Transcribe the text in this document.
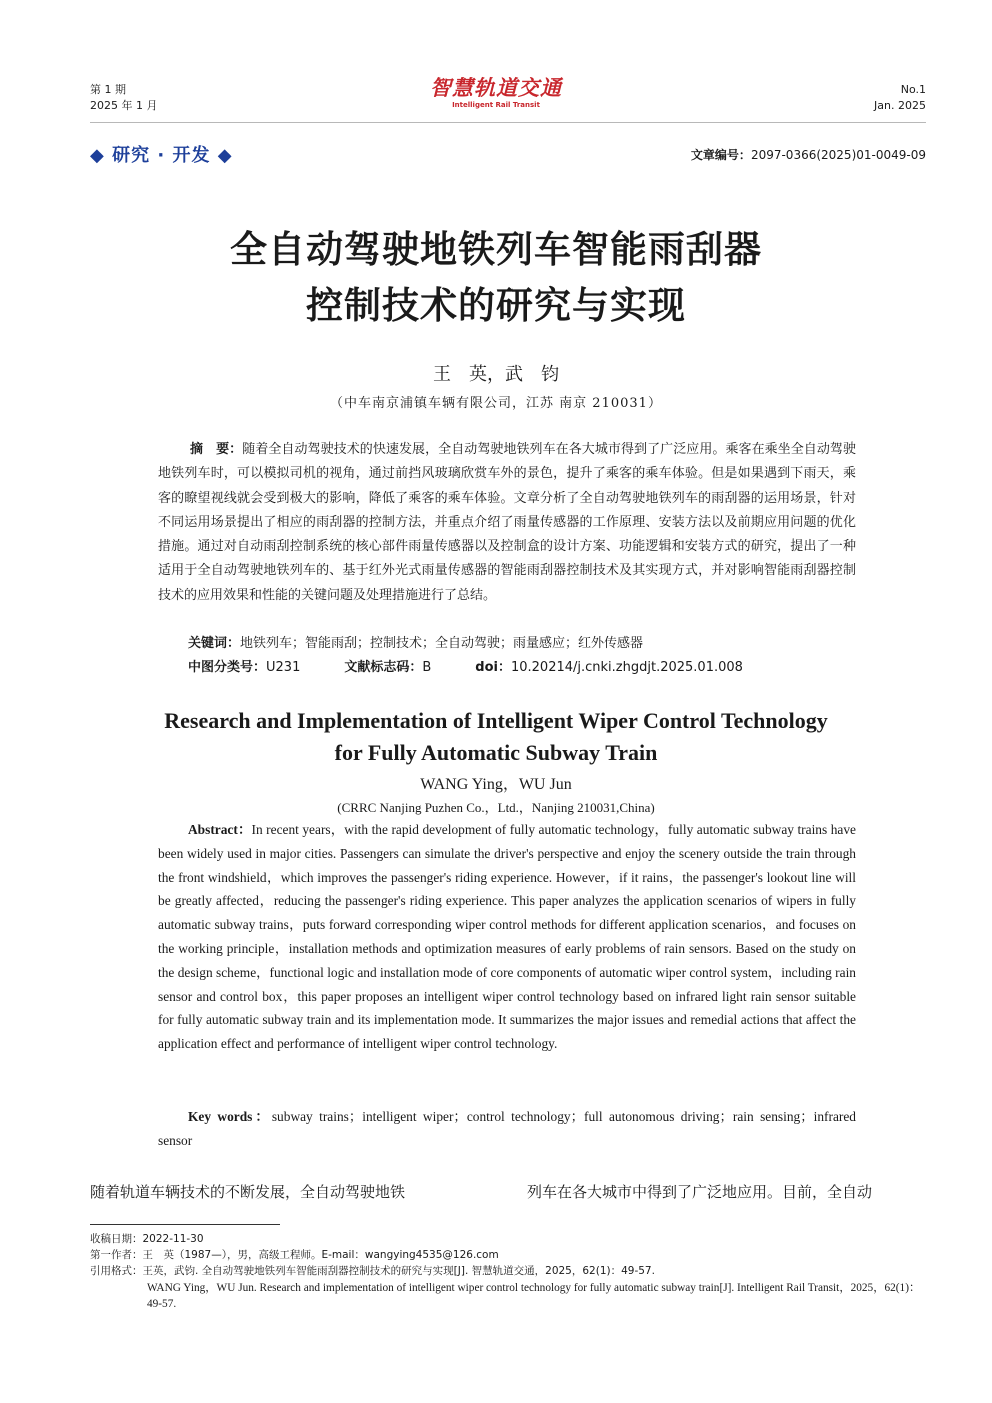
第 1 期
2025 年 1 月
智慧轨道交通
Intelligent Rail Transit
No.1
Jan. 2025
◆ 研究 · 开发 ◆	文章编号：2097-0366(2025)01-0049-09
全自动驾驶地铁列车智能雨刮器
控制技术的研究与实现
王　英，武　钧
（中车南京浦镇车辆有限公司，江苏 南京 210031）
摘　要：随着全自动驾驶技术的快速发展，全自动驾驶地铁列车在各大城市得到了广泛应用。乘客在乘坐全自动驾驶地铁列车时，可以模拟司机的视角，通过前挡风玻璃欣赏车外的景色，提升了乘客的乘车体验。但是如果遇到下雨天，乘客的瞭望视线就会受到极大的影响，降低了乘客的乘车体验。文章分析了全自动驾驶地铁列车的雨刮器的运用场景，针对不同运用场景提出了相应的雨刮器的控制方法，并重点介绍了雨量传感器的工作原理、安装方法以及前期应用问题的优化措施。通过对自动雨刮控制系统的核心部件雨量传感器以及控制盒的设计方案、功能逻辑和安装方式的研究，提出了一种适用于全自动驾驶地铁列车的、基于红外光式雨量传感器的智能雨刮器控制技术及其实现方式，并对影响智能雨刮器控制技术的应用效果和性能的关键问题及处理措施进行了总结。
关键词：地铁列车；智能雨刮；控制技术；全自动驾驶；雨量感应；红外传感器
中图分类号：U231	文献标志码：B	doi：10.20214/j.cnki.zhgdjt.2025.01.008
Research and Implementation of Intelligent Wiper Control Technology
for Fully Automatic Subway Train
WANG Ying，WU Jun
(CRRC Nanjing Puzhen Co.，Ltd.，Nanjing 210031,China)
Abstract：In recent years，with the rapid development of fully automatic technology，fully automatic subway trains have been widely used in major cities. Passengers can simulate the driver's perspective and enjoy the scenery outside the train through the front windshield，which improves the passenger's riding experience. However，if it rains，the passenger's lookout line will be greatly affected，reducing the passenger's riding experience. This paper analyzes the application scenarios of wipers in fully automatic subway trains，puts forward corresponding wiper control methods for different application scenarios，and focuses on the working principle，installation methods and optimization measures of early problems of rain sensors. Based on the study on the design scheme，functional logic and installation mode of core components of automatic wiper control system，including rain sensor and control box，this paper proposes an intelligent wiper control technology based on infrared light rain sensor suitable for fully automatic subway train and its implementation mode. It summarizes the major issues and remedial actions that affect the application effect and performance of intelligent wiper control technology.
Key words：subway trains；intelligent wiper；control technology；full autonomous driving；rain sensing；infrared sensor
随着轨道车辆技术的不断发展，全自动驾驶地铁	列车在各大城市中得到了广泛地应用。目前，全自动
收稿日期：2022-11-30
第一作者：王　英（1987—），男，高级工程师。E-mail：wangying4535@126.com
引用格式：王英，武钧. 全自动驾驶地铁列车智能雨刮器控制技术的研究与实现[J]. 智慧轨道交通，2025，62(1)：49-57.
WANG Ying，WU Jun. Research and implementation of intelligent wiper control technology for fully automatic subway train[J]. Intelligent Rail Transit，2025，62(1)：49-57.
